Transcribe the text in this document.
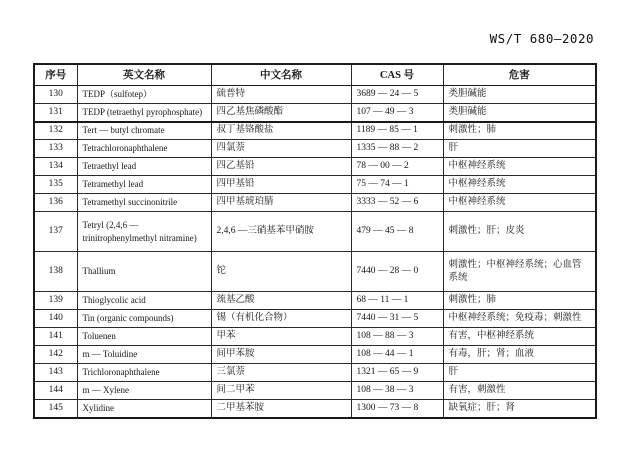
WS/T 680—2020
序号	英文名称	中文名称	CAS 号	危害
130	TEDP（sulfotep）	硫普特	3689 — 24 — 5	类胆碱能
131	TEDP (tetraethyl pyrophosphate)	四乙基焦磷酸酯	107 — 49 — 3	类胆碱能
132	Tert — butyl chromate	叔丁基铬酸盐	1189 — 85 — 1	刺激性；肺
133	Tetrachloronaphthalene	四氯萘	1335 — 88 — 2	肝
134	Tetraethyl lead	四乙基铅	78 — 00 — 2	中枢神经系统
135	Tetramethyl lead	四甲基铅	75 — 74 — 1	中枢神经系统
136	Tetramethyl succinonitrile	四甲基琥珀腈	3333 — 52 — 6	中枢神经系统
137	Tetryl (2,4,6 — trinitrophenylmethyl nitramine)	2,4,6 —三硝基苯甲硝胺	479 — 45 — 8	刺激性；肝；皮炎
138	Thallium	铊	7440 — 28 — 0	刺激性；中枢神经系统；心血管系统
139	Thioglycolic acid	巯基乙酸	68 — 11 — 1	刺激性；肺
140	Tin (organic compounds)	锡（有机化合物）	7440 — 31 — 5	中枢神经系统；免疫毒；刺激性
141	Toluenen	甲苯	108 — 88 — 3	有害，中枢神经系统
142	m — Toluidine	间甲苯胺	108 — 44 — 1	有毒，肝；肾；血液
143	Trichloronaphthalene	三氯萘	1321 — 65 — 9	肝
144	m — Xylene	间二甲苯	108 — 38 — 3	有害，刺激性
145	Xylidine	二甲基苯胺	1300 — 73 — 8	缺氧症；肝；肾
